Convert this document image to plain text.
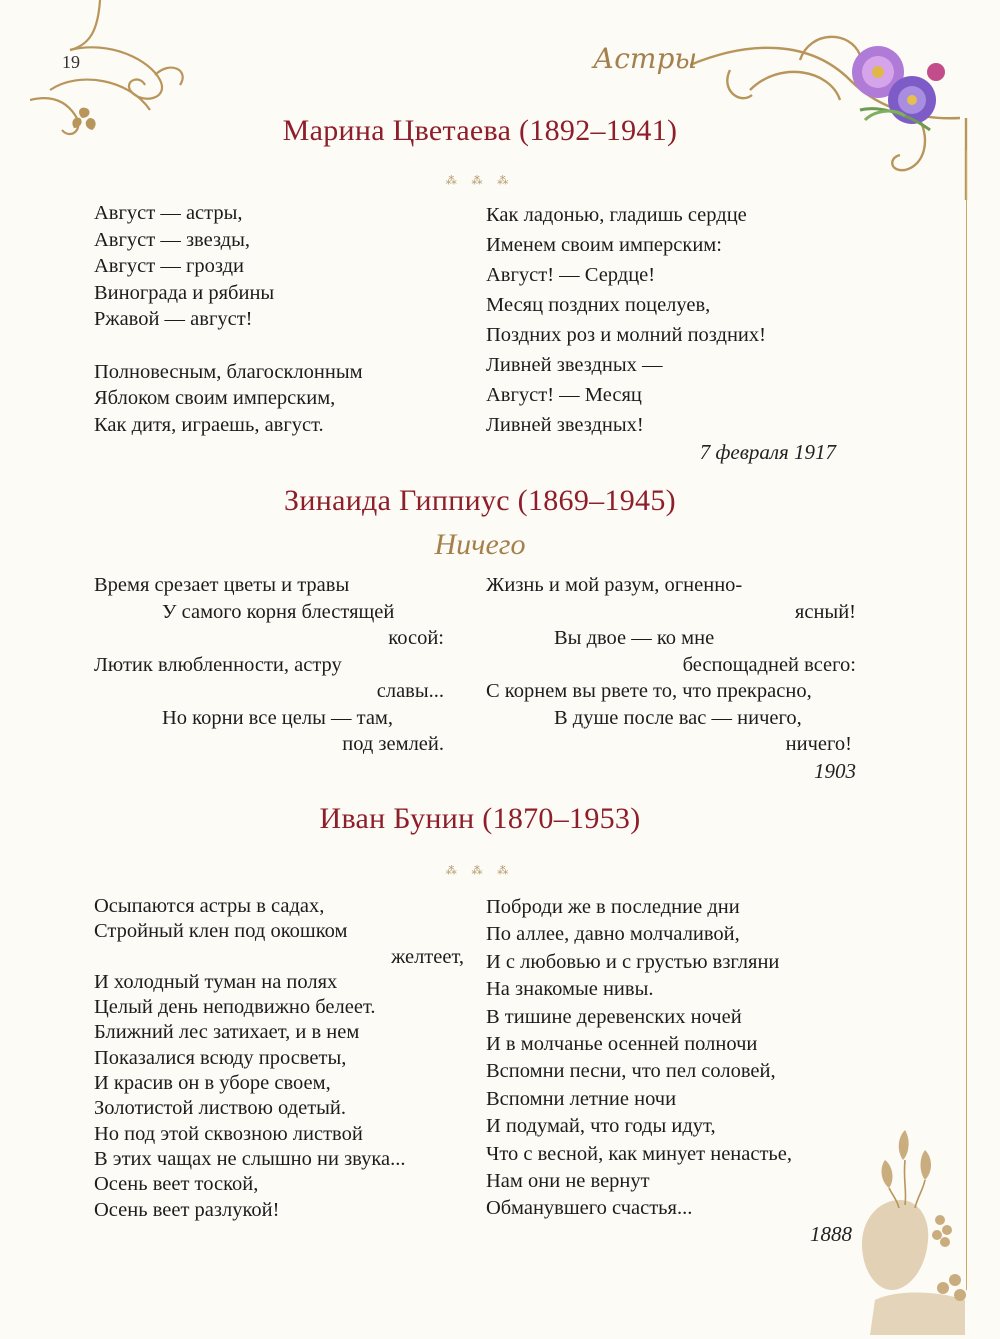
19	Астры
Марина Цветаева (1892–1941)
⁂ ⁂ ⁂
Август — астры,
Август — звезды,
Август — грозди
Винограда и рябины
Ржавой — август!
Полновесным, благосклонным
Яблоком своим имперским,
Как дитя, играешь, август.
Как ладонью, гладишь сердце
Именем своим имперским:
Август! — Сердце!
Месяц поздних поцелуев,
Поздних роз и молний поздних!
Ливней звездных —
Август! — Месяц
Ливней звездных!
7 февраля 1917
Зинаида Гиппиус (1869–1945)
Ничего
Время срезает цветы и травы
У самого корня блестящей
косой:
Лютик влюбленности, астру
славы...
Но корни все целы — там,
под землей.
Жизнь и мой разум, огненно-
ясный!
Вы двое — ко мне
беспощадней всего:
С корнем вы рвете то, что прекрасно,
В душе после вас — ничего,
ничего!
1903
Иван Бунин (1870–1953)
⁂ ⁂ ⁂
Осыпаются астры в садах,
Стройный клен под окошком
желтеет,
И холодный туман на полях
Целый день неподвижно белеет.
Ближний лес затихает, и в нем
Показалися всюду просветы,
И красив он в уборе своем,
Золотистой листвою одетый.
Но под этой сквозною листвой
В этих чащах не слышно ни звука...
Осень веет тоской,
Осень веет разлукой!
Поброди же в последние дни
По аллее, давно молчаливой,
И с любовью и с грустью взгляни
На знакомые нивы.
В тишине деревенских ночей
И в молчанье осенней полночи
Вспомни песни, что пел соловей,
Вспомни летние ночи
И подумай, что годы идут,
Что с весной, как минует ненастье,
Нам они не вернут
Обманувшего счастья...
1888
